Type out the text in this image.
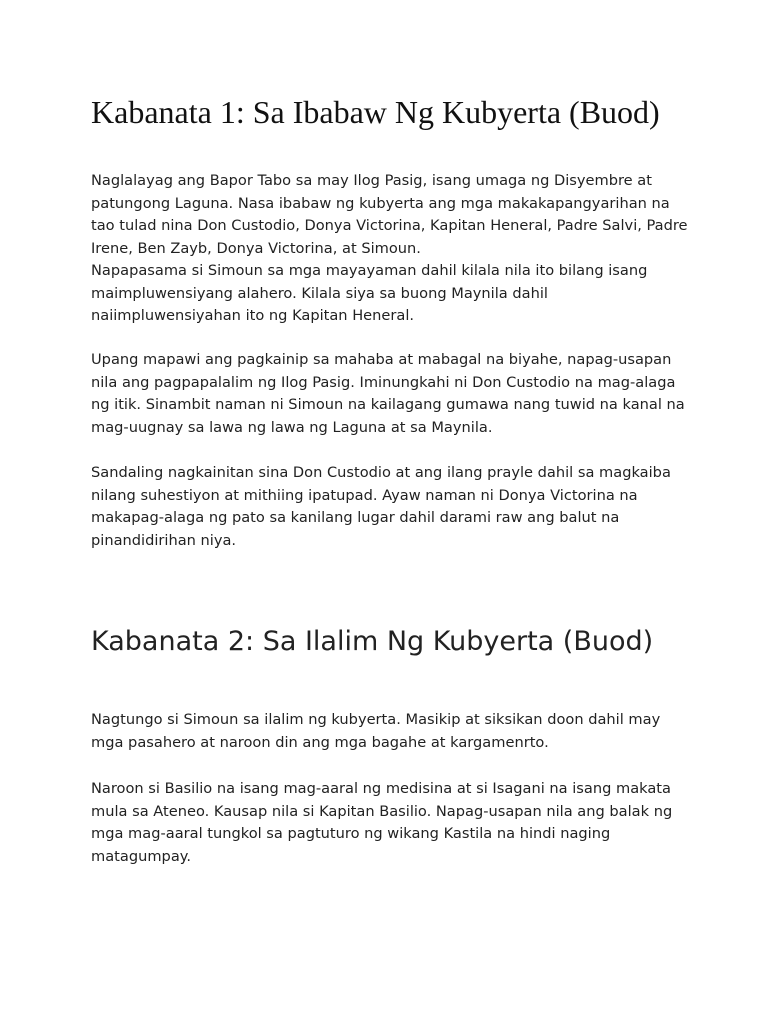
Kabanata 1: Sa Ibabaw Ng Kubyerta (Buod)

Naglalayag ang Bapor Tabo sa may Ilog Pasig, isang umaga ng Disyembre at
patungong Laguna. Nasa ibabaw ng kubyerta ang mga makakapangyarihan na
tao tulad nina Don Custodio, Donya Victorina, Kapitan Heneral, Padre Salvi, Padre
Irene, Ben Zayb, Donya Victorina, at Simoun.
Napapasama si Simoun sa mga mayayaman dahil kilala nila ito bilang isang
maimpluwensiyang alahero. Kilala siya sa buong Maynila dahil
naiimpluwensiyahan ito ng Kapitan Heneral.

Upang mapawi ang pagkainip sa mahaba at mabagal na biyahe, napag-usapan
nila ang pagpapalalim ng Ilog Pasig. Iminungkahi ni Don Custodio na mag-alaga
ng itik. Sinambit naman ni Simoun na kailagang gumawa nang tuwid na kanal na
mag-uugnay sa lawa ng lawa ng Laguna at sa Maynila.

Sandaling nagkainitan sina Don Custodio at ang ilang prayle dahil sa magkaiba
nilang suhestiyon at mithiing ipatupad. Ayaw naman ni Donya Victorina na
makapag-alaga ng pato sa kanilang lugar dahil darami raw ang balut na
pinandidirihan niya.

Kabanata 2: Sa Ilalim Ng Kubyerta (Buod)

Nagtungo si Simoun sa ilalim ng kubyerta. Masikip at siksikan doon dahil may
mga pasahero at naroon din ang mga bagahe at kargamenrto.

Naroon si Basilio na isang mag-aaral ng medisina at si Isagani na isang makata
mula sa Ateneo. Kausap nila si Kapitan Basilio. Napag-usapan nila ang balak ng
mga mag-aaral tungkol sa pagtuturo ng wikang Kastila na hindi naging
matagumpay.
